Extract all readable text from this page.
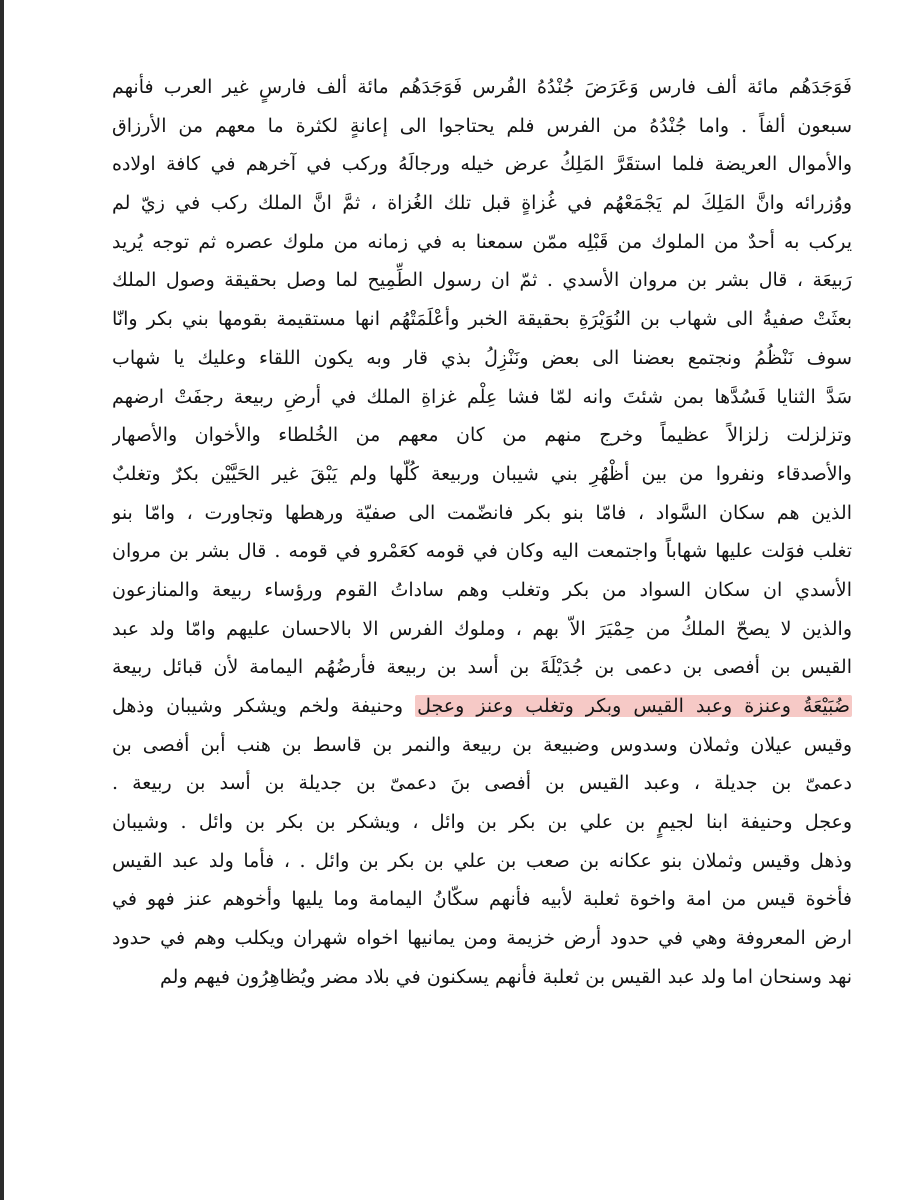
فَوَجَدَهُم مائة ألف فارس وَعَرَضَ جُنْدُهُ الفُرس فَوَجَدَهُم مائة ألف فارسٍ غير العرب فأنهم
سبعون ألفاً . واما جُنْدُهُ من الفرس فلم يحتاجوا الى إعانةٍ لكثرة ما معهم من الأرزاق
والأموال العريضة فلما استقَرَّ المَلِكُ عرض خيله ورجالَهُ وركب في آخرهم في كافة اولاده
ووُزرائه وانَّ المَلِكَ لم يَجْمَعْهُم في غُزاةٍ قبل تلك الغُزاة ، ثمَّ انَّ الملك ركب في زيّ لم
يركب به أحدٌ من الملوك من قَبْلِه ممّن سمعنا به في زمانه من ملوك عصره ثم توجه يُريد
رَبيعَة ، قال بشر بن مروان الأسدي . ثمّ ان رسول الطِّمِيح لما وصل بحقيقة وصول الملك
بعثَتْ صفيةُ الى شهاب بن النُوَيْرَةِ بحقيقة الخبر وأعْلَمَتْهُم انها مستقيمة بقومها بني بكر وانّا
سوف نَنْظُمُ ونجتمع بعضنا الى بعض ونَنْزِلُ بذي قار وبه يكون اللقاء وعليك يا شهاب
سَدَّ الثنايا فَسُدَّها بمن شئتَ وانه لمّا فشا عِلْم غزاةِ الملك في أرضِ ربيعة رجفَتْ ارضهم
وتزلزلت زلزالاً عظيماً وخرج منهم من كان معهم من الخُلطاء والأخوان والأصهار
والأصدقاء ونفروا من بين أظْهُرِ بني شيبان وربيعة كُلّها ولم يَبْقَ غير الحَيَّيْن بكرٌ وتغلبٌ
الذين هم سكان السَّواد ، فامّا بنو بكر فانضّمت الى صفيّة ورهطها وتجاورت ، وامّا بنو
تغلب فوَلت عليها شهاباً واجتمعت اليه وكان في قومه كعَمْرو في قومه . قال بشر بن مروان
الأسدي ان سكان السواد من بكر وتغلب وهم ساداتُ القوم ورؤساء ربيعة والمنازعون
والذين لا يصحّ الملكُ من حِمْيَرَ الاّ بهم ، وملوك الفرس الا بالاحسان عليهم وامّا ولد عبد
القيس بن أفصى بن دعمى بن جُدَيْلَةَ بن أسد بن ربيعة فأرضُهُم اليمامة لأن قبائل ربيعة
ضُبَيْعَةُ وعنزة وعبد القيس وبكر وتغلب وعنز وعجل وحنيفة ولخم ويشكر وشيبان وذهل
وقيس عيلان وثملان وسدوس وضبيعة بن ربيعة والنمر بن قاسط بن هنب أبن أفصى بن
دعمىّ بن جديلة ، وعبد القيس بن أفصى بنَ دعمىّ بن جديلة بن أسد بن ربيعة .
وعجل وحنيفة ابنا لجيمٍ بن علي بن بكر بن وائل ، ويشكر بن بكر بن وائل . وشيبان
وذهل وقيس وثملان بنو عكانه بن صعب بن علي بن بكر بن وائل . ، فأما ولد عبد القيس
فأخوة قيس من امة واخوة ثعلبة لأبيه فأنهم سكّانُ اليمامة وما يليها وأخوهم عنز فهو في
ارض المعروفة وهي في حدود أرض خزيمة ومن يمانيها اخواه شهران ويكلب وهم في حدود
نهد وسنحان اما ولد عبد القيس بن ثعلبة فأنهم يسكنون في بلاد مضر ويُظاهِرُون فيهم ولم
